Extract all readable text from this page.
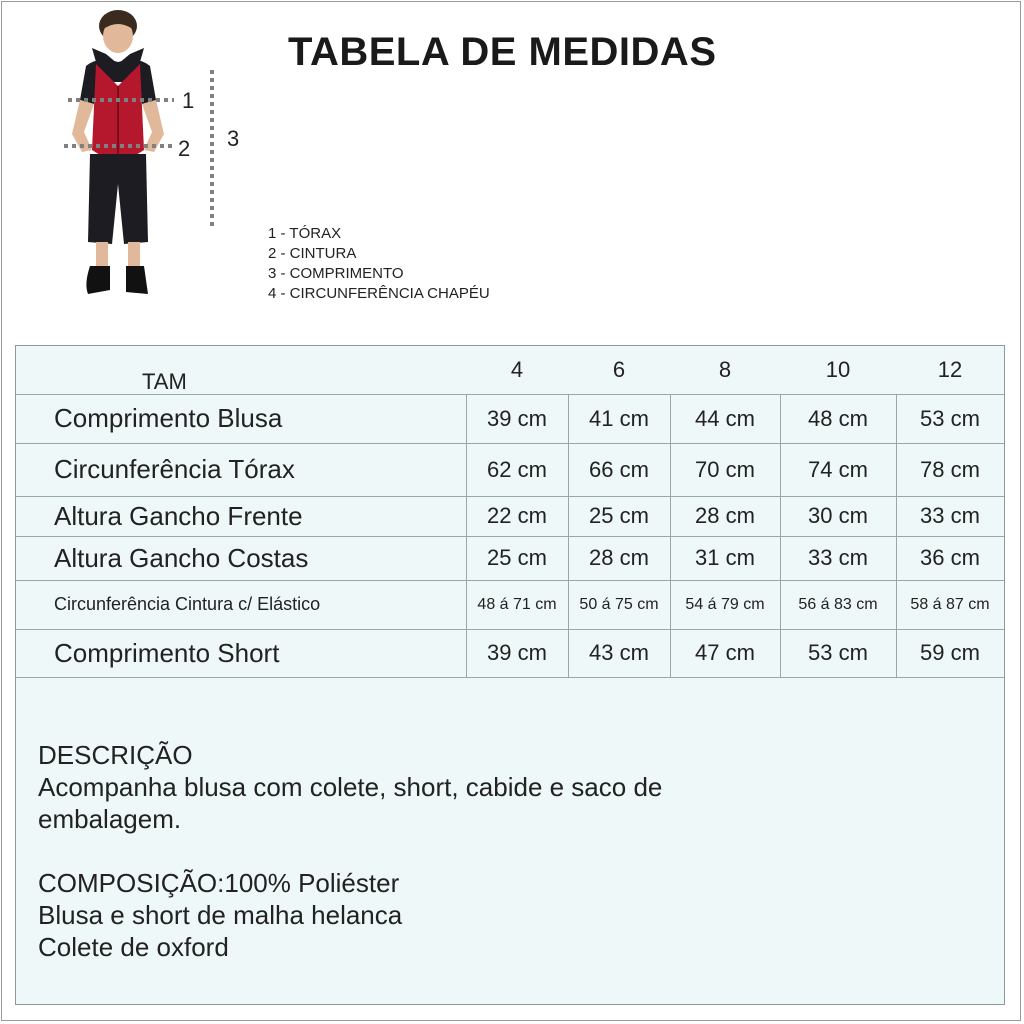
TABELA DE MEDIDAS
1
2 3
1 - TÓRAX
2 - CINTURA
3 - COMPRIMENTO
4 - CIRCUNFERÊNCIA CHAPÉU
TAM	4	6	8	10	12
Comprimento Blusa	39 cm	41 cm	44 cm	48 cm	53 cm
Circunferência Tórax	62 cm	66 cm	70 cm	74 cm	78 cm
Altura Gancho Frente	22 cm	25 cm	28 cm	30 cm	33 cm
Altura Gancho Costas	25 cm	28 cm	31 cm	33 cm	36 cm
Circunferência Cintura c/ Elástico	48 á 71 cm	50 á 75 cm	54 á 79 cm	56 á 83 cm	58 á 87 cm
Comprimento Short	39 cm	43 cm	47 cm	53 cm	59 cm

DESCRIÇÃO

Acompanha blusa com colete, short, cabide e saco de

embalagem.

COMPOSIÇÃO:100% Poliéster

Blusa e short de malha helanca

Colete de oxford
